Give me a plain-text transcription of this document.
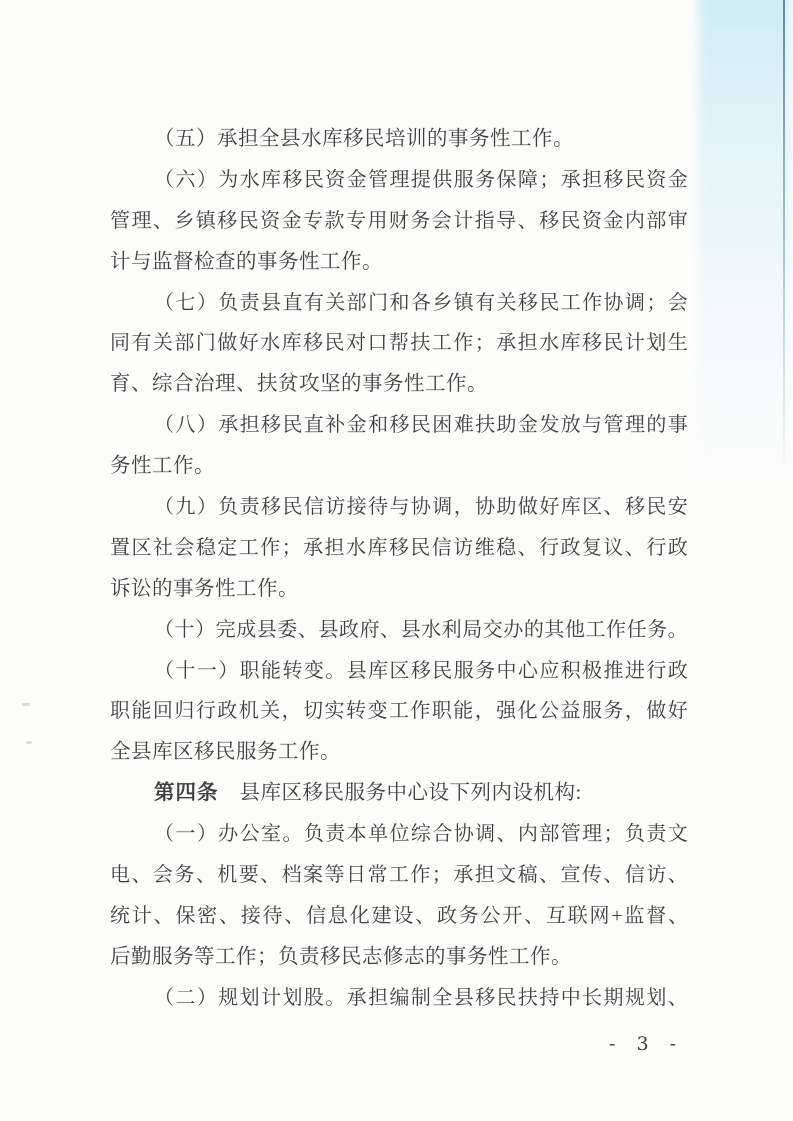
（五）承担全县水库移民培训的事务性工作。
（ 六 ） 为 水 库 移 民 资 金 管 理 提 供 服 务 保 障 ； 承 担 移 民 资 金
管 理 、 乡 镇 移 民 资 金 专 款 专 用 财 务 会 计 指 导 、 移 民 资 金 内 部 审
计与监督检查的事务性工作。
（ 七 ） 负 责 县 直 有 关 部 门 和 各 乡 镇 有 关 移 民 工 作 协 调 ； 会
同 有 关 部 门 做 好 水 库 移 民 对 口 帮 扶 工 作 ； 承 担 水 库 移 民 计 划 生
育、综合治理、扶贫攻坚的事务性工作。
（ 八 ） 承 担 移 民 直 补 金 和 移 民 困 难 扶 助 金 发 放 与 管 理 的 事
务性工作。
（ 九 ） 负 责 移 民 信 访 接 待 与 协 调 ， 协 助 做 好 库 区 、 移 民 安
置 区 社 会 稳 定 工 作 ； 承 担 水 库 移 民 信 访 维 稳 、 行 政 复 议 、 行 政
诉讼的事务性工作。
（ 十 ） 完 成 县 委 、 县 政 府 、 县 水 利 局 交 办 的 其 他 工 作 任 务 。
（ 十 一 ） 职 能 转 变 。 县 库 区 移 民 服 务 中 心 应 积 极 推 进 行 政
职 能 回 归 行 政 机 关 ， 切 实 转 变 工 作 职 能 ， 强 化 公 益 服 务 ， 做 好
全县库区移民服务工作。
第四条 县库区移民服务中心设下列内设机构:
（ 一 ） 办 公 室 。 负 责 本 单 位 综 合 协 调 、 内 部 管 理 ； 负 责 文
电 、 会 务 、 机 要 、 档 案 等 日 常 工 作 ； 承 担 文 稿 、 宣 传 、 信 访 、
统 计 、 保 密 、 接 待 、 信 息 化 建 设 、 政 务 公 开 、 互 联 网 + 监 督 、
后勤服务等工作；负责移民志修志的事务性工作。
（ 二 ） 规 划 计 划 股 。 承 担 编 制 全 县 移 民 扶 持 中 长 期 规 划 、
- 3 -
